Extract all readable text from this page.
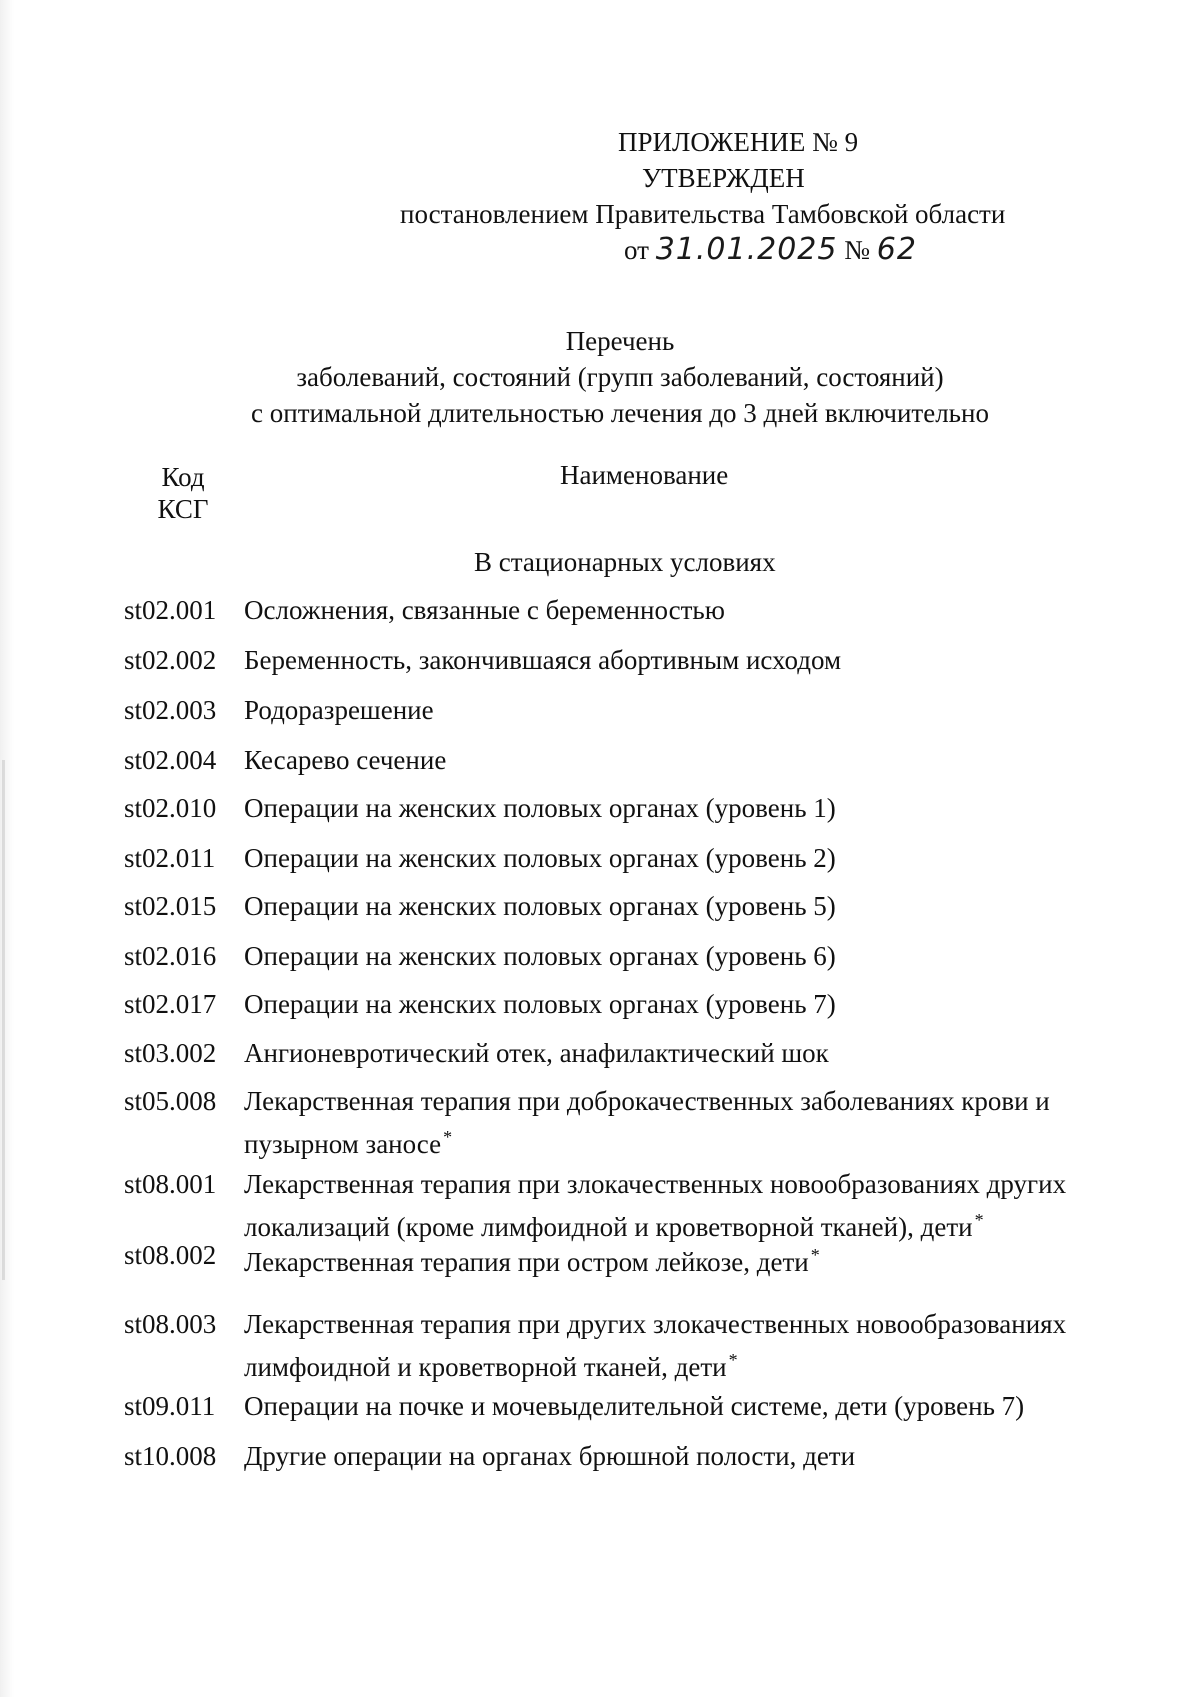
ПРИЛОЖЕНИЕ № 9
УТВЕРЖДЕН
постановлением Правительства Тамбовской области
от 31.01.2025 № 62
Перечень
заболеваний, состояний (групп заболеваний, состояний)
с оптимальной длительностью лечения до 3 дней включительно
Код
КСГ
Наименование
В стационарных условиях
st02.001 Осложнения, связанные с беременностью
st02.002 Беременность, закончившаяся абортивным исходом
st02.003 Родоразрешение
st02.004 Кесарево сечение
st02.010 Операции на женских половых органах (уровень 1)
st02.011 Операции на женских половых органах (уровень 2)
st02.015 Операции на женских половых органах (уровень 5)
st02.016 Операции на женских половых органах (уровень 6)
st02.017 Операции на женских половых органах (уровень 7)
st03.002 Ангионевротический отек, анафилактический шок
st05.008 Лекарственная терапия при доброкачественных заболеваниях крови и пузырном заносе *
st08.001 Лекарственная терапия при злокачественных новообразованиях других локализаций (кроме лимфоидной и кроветворной тканей), дети *
st08.002 Лекарственная терапия при остром лейкозе, дети *
st08.003 Лекарственная терапия при других злокачественных новообразованиях лимфоидной и кроветворной тканей, дети *
st09.011 Операции на почке и мочевыделительной системе, дети (уровень 7)
st10.008 Другие операции на органах брюшной полости, дети
